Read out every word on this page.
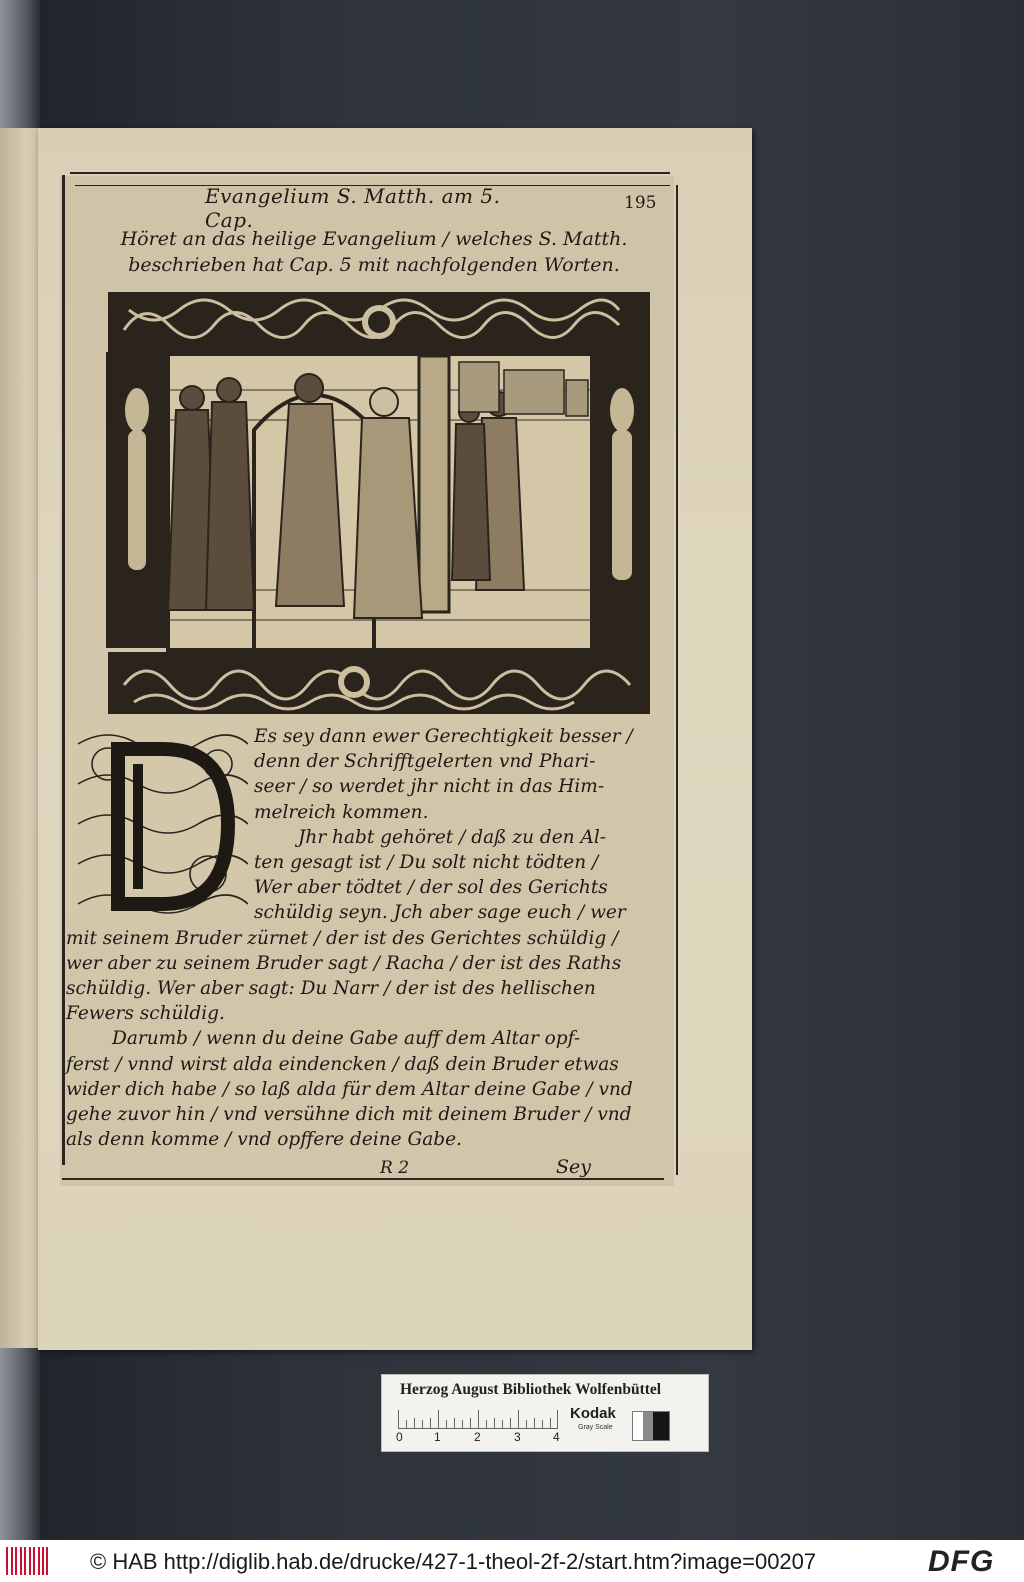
Evangelium S. Matth. am 5. Cap.
195
Höret an das heilige Evangelium / welches S. Matth. beschrieben hat Cap. 5 mit nachfolgenden Worten.
Es sey dann ewer Gerechtigkeit besser /
denn der Schrifftgelerten vnd Phari-
seer / so werdet jhr nicht in das Him-
melreich kommen.
Jhr habt gehöret / daß zu den Al-
ten gesagt ist / Du solt nicht tödten /
Wer aber tödtet / der sol des Gerichts
schüldig seyn. Jch aber sage euch / wer
mit seinem Bruder zürnet / der ist des Gerichtes schüldig /
wer aber zu seinem Bruder sagt / Racha / der ist des Raths
schüldig. Wer aber sagt: Du Narr / der ist des hellischen
Fewers schüldig.
Darumb / wenn du deine Gabe auff dem Altar opf-
ferst / vnnd wirst alda eindencken / daß dein Bruder etwas
wider dich habe / so laß alda für dem Altar deine Gabe / vnd
gehe zuvor hin / vnd versühne dich mit deinem Bruder / vnd
als denn komme / vnd opffere deine Gabe.
R 2	Sey
Herzog August Bibliothek Wolfenbüttel
0	1	2	3	4
Kodak
Gray Scale
© HAB http://diglib.hab.de/drucke/427-1-theol-2f-2/start.htm?image=00207	DFG
